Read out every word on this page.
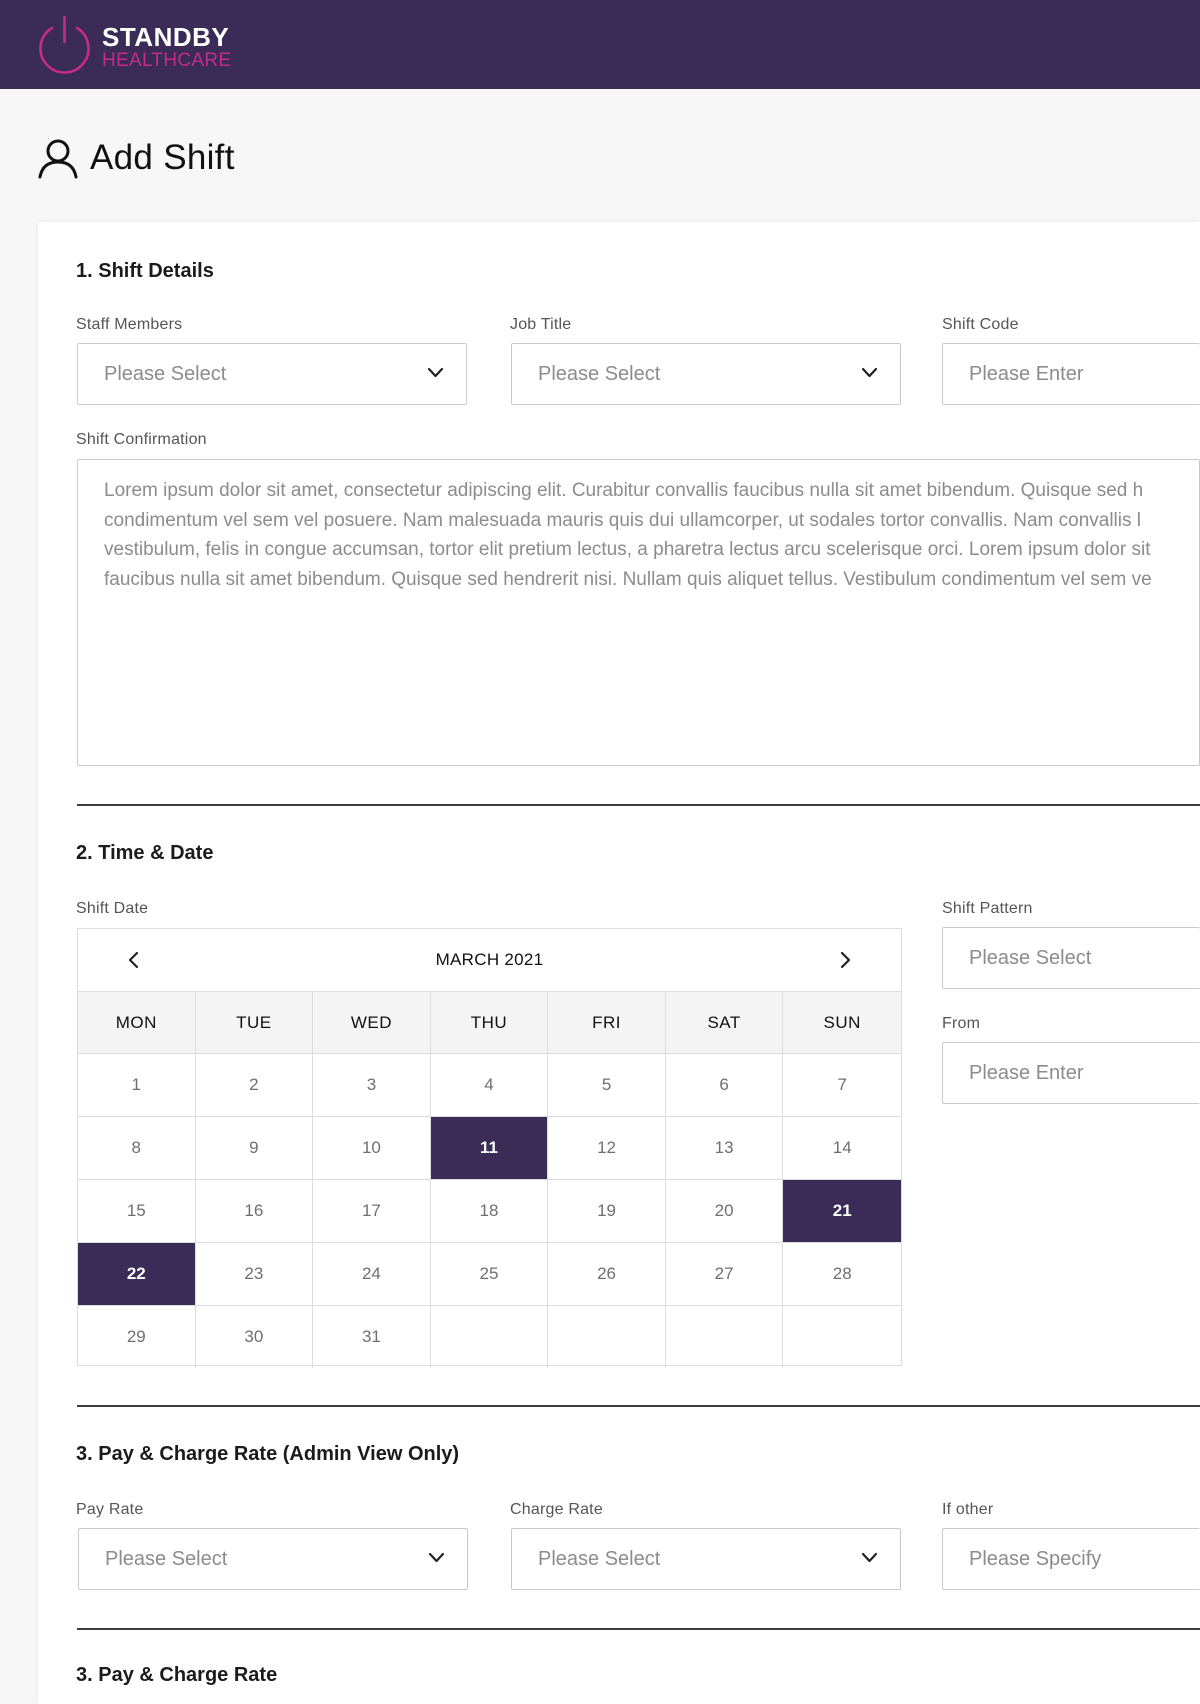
STANDBY
HEALTHCARE
Add Shift
1. Shift Details
Staff Members
Please Select
Job Title
Please Select
Shift Code
Please Enter
Shift Confirmation

Lorem ipsum dolor sit amet, consectetur adipiscing elit. Curabitur convallis faucibus nulla sit amet bibendum. Quisque sed h
condimentum vel sem vel posuere. Nam malesuada mauris quis dui ullamcorper, ut sodales tortor convallis. Nam convallis l
vestibulum, felis in congue accumsan, tortor elit pretium lectus, a pharetra lectus arcu scelerisque orci. Lorem ipsum dolor sit
faucibus nulla sit amet bibendum. Quisque sed hendrerit nisi. Nullam quis aliquet tellus. Vestibulum condimentum vel sem ve

2. Time & Date
Shift Date
MARCH 2021
MON	TUE	WED	THU	FRI	SAT	SUN
1	2	3	4	5	6	7
8	9	10	11	12	13	14
15	16	17	18	19	20	21
22	23	24	25	26	27	28
29	30	31
Shift Pattern
Please Select
From
Please Enter
3. Pay & Charge Rate (Admin View Only)
Pay Rate
Please Select
Charge Rate
Please Select
If other
Please Specify
3. Pay & Charge Rate
